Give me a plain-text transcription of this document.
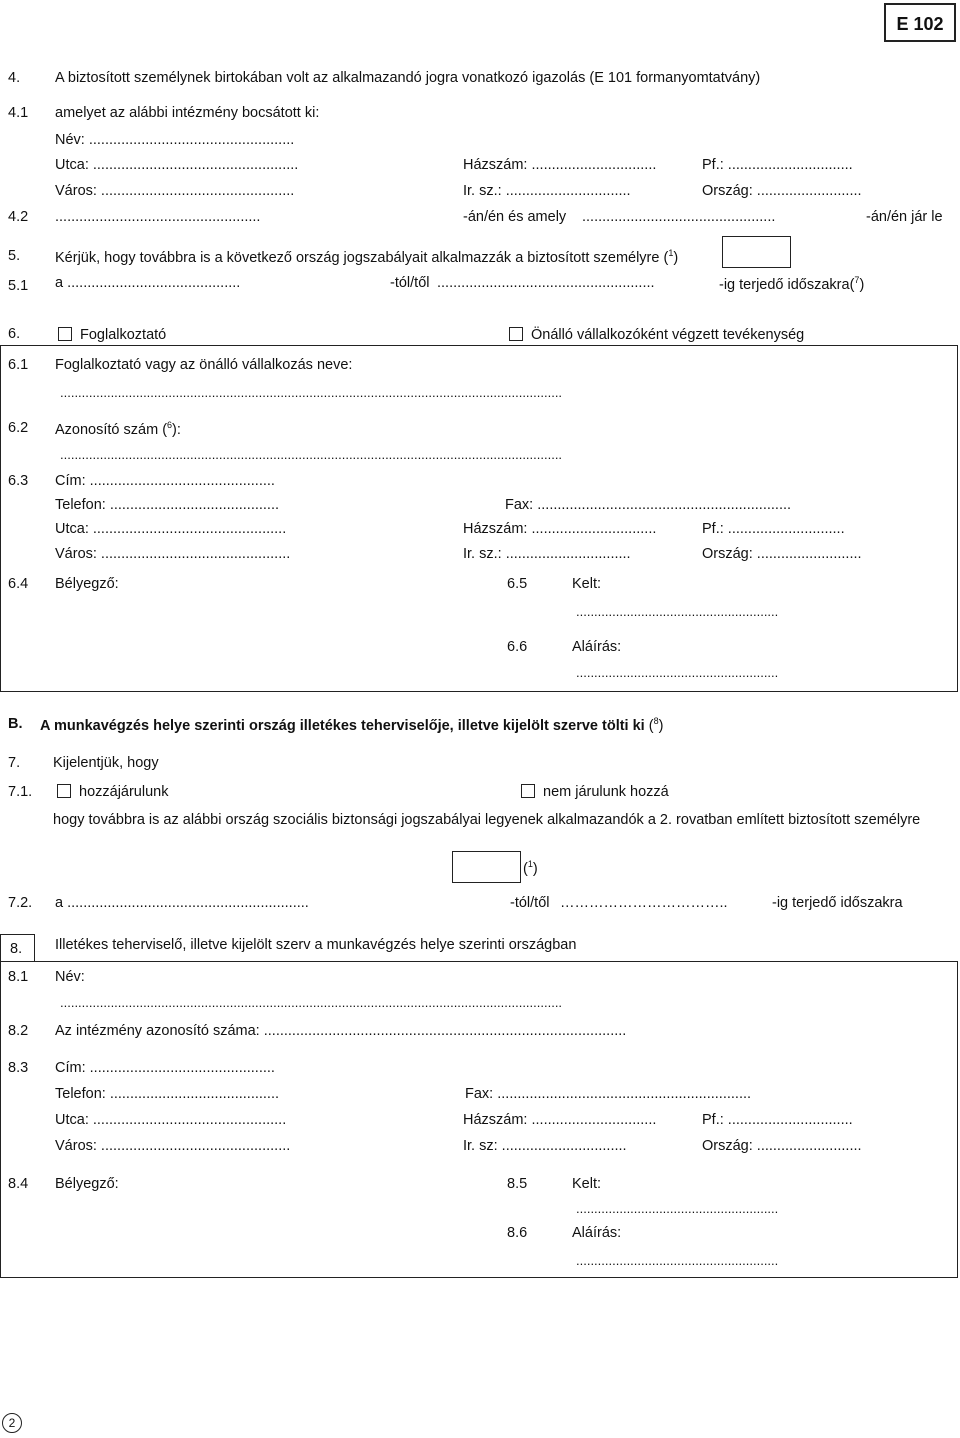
E 102
4. A biztosított személynek birtokában volt az alkalmazandó jogra vonatkozó igazolás (E 101 formanyomtatvány)
4.1 amelyet az alábbi intézmény bocsátott ki:
Név: ...................................................
Utca: ...................................................	Házszám: ...............................	Pf.: ...............................
Város: ................................................	Ir. sz.: ...............................	Ország: ..........................
4.2 ...................................................	-án/én és amely ................................................	-án/én jár le
5. Kérjük, hogy továbbra is a következő ország jogszabályait alkalmazzák a biztosított személyre ($^1$)
5.1 a ...........................................	-tól/től ......................................................	-ig terjedő időszakra($^7$)
6.	Foglalkoztató	Önálló vállalkozóként végzett tevékenység
6.1 Foglalkoztató vagy az önálló vállalkozás neve:
...........................................................................................................................................
6.2 Azonosító szám ($^6$):
...........................................................................................................................................
6.3 Cím: ..............................................
Telefon: ..........................................	Fax: ...............................................................
Utca: ................................................	Házszám: ...............................	Pf.: .............................
Város: ...............................................	Ir. sz.: ...............................	Ország: ..........................
6.4 Bélyegző:	6.5	Kelt:
........................................................
6.6	Aláírás:
........................................................
B. A munkavégzés helye szerinti ország illetékes teherviselője, illetve kijelölt szerve tölti ki ($^8$)
7. Kijelentjük, hogy
7.1.	hozzájárulunk	nem járulunk hozzá
hogy továbbra is az alábbi ország szociális biztonsági jogszabályai legyenek alkalmazandók a 2. rovatban említett biztosított személyre
($^1$)
7.2. a ............................................................	-tól/től ……………………………..	-ig terjedő időszakra
8. Illetékes teherviselő, illetve kijelölt szerv a munkavégzés helye szerinti országban
8.1 Név:
...........................................................................................................................................
8.2 Az intézmény azonosító száma: ..........................................................................................
8.3 Cím: ..............................................
Telefon: ..........................................	Fax: ...............................................................
Utca: ................................................	Házszám: ...............................	Pf.: ...............................
Város: ...............................................	Ir. sz: ...............................	Ország: ..........................
8.4 Bélyegző:	8.5	Kelt:
........................................................
8.6	Aláírás:
........................................................
2
